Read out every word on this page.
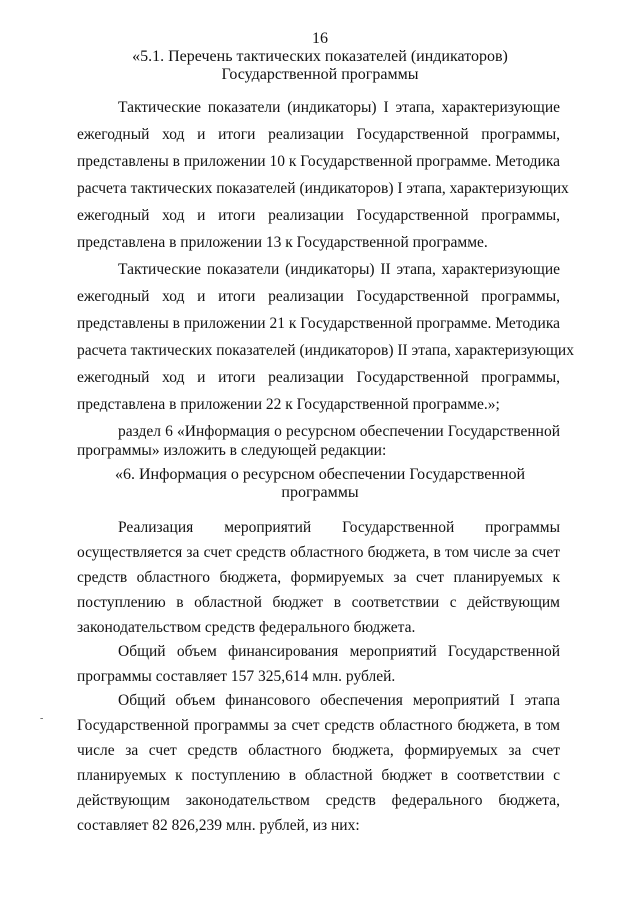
16
«5.1. Перечень тактических показателей (индикаторов)
Государственной программы
Тактические показатели (индикаторы) I этапа, характеризующие
ежегодный ход и итоги реализации Государственной программы,
представлены в приложении 10 к Государственной программе. Методика
расчета тактических показателей (индикаторов) I этапа, характеризующих
ежегодный ход и итоги реализации Государственной программы,
представлена в приложении 13 к Государственной программе.
Тактические показатели (индикаторы) II этапа, характеризующие
ежегодный ход и итоги реализации Государственной программы,
представлены в приложении 21 к Государственной программе. Методика
расчета тактических показателей (индикаторов) II этапа, характеризующих
ежегодный ход и итоги реализации Государственной программы,
представлена в приложении 22 к Государственной программе.»;
раздел 6 «Информация о ресурсном обеспечении Государственной
программы» изложить в следующей редакции:
«6. Информация о ресурсном обеспечении Государственной
программы
Реализация мероприятий Государственной программы
осуществляется за счет средств областного бюджета, в том числе за счет
средств областного бюджета, формируемых за счет планируемых к
поступлению в областной бюджет в соответствии с действующим
законодательством средств федерального бюджета.
Общий объем финансирования мероприятий Государственной
программы составляет 157 325,614 млн. рублей.
Общий объем финансового обеспечения мероприятий I этапа
Государственной программы за счет средств областного бюджета, в том
числе за счет средств областного бюджета, формируемых за счет
планируемых к поступлению в областной бюджет в соответствии с
действующим законодательством средств федерального бюджета,
составляет 82 826,239 млн. рублей, из них:
-
